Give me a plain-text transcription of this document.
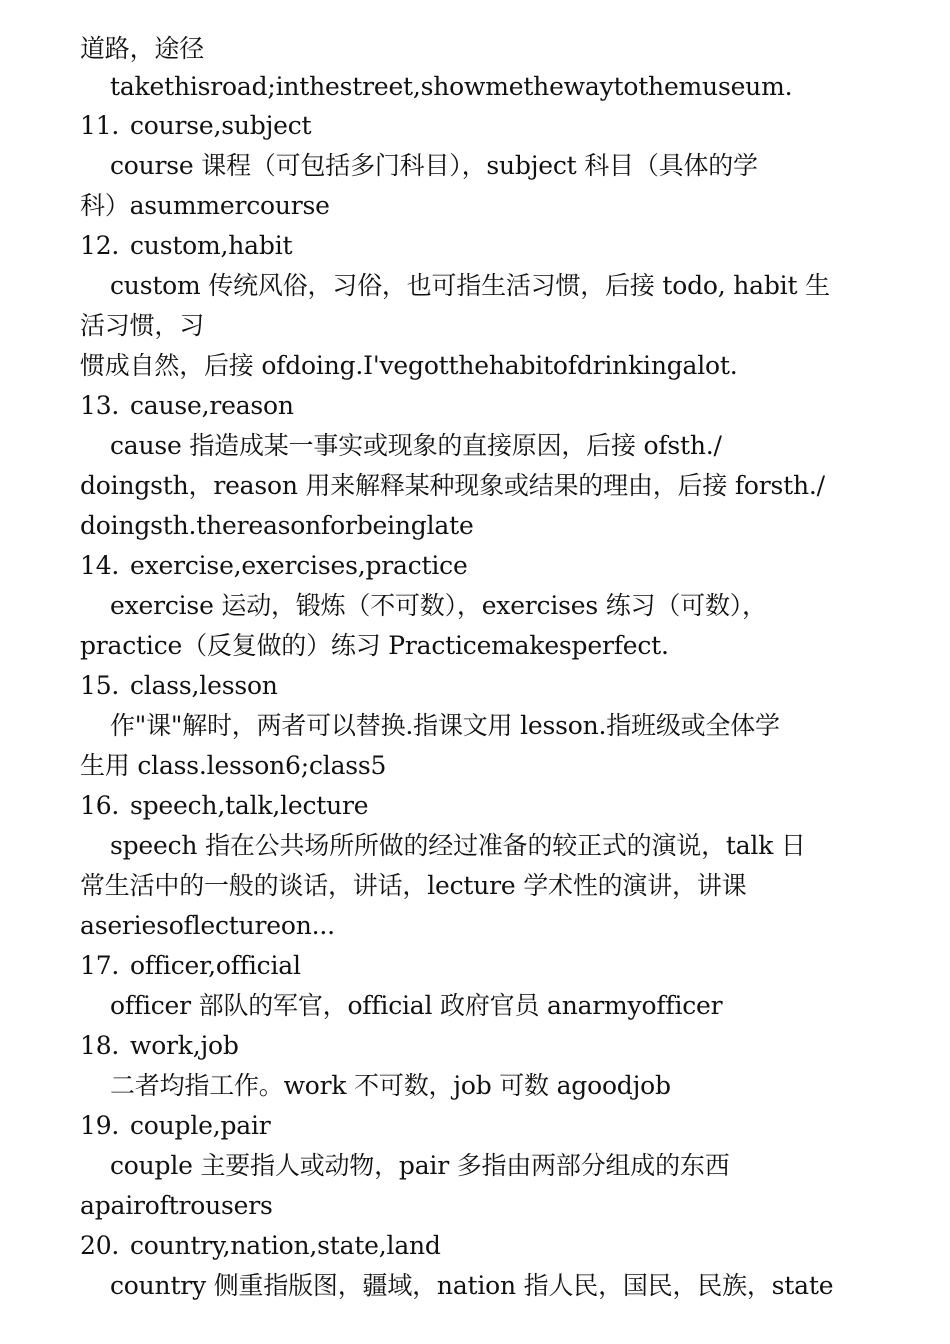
道路，途径
takethisroad;inthestreet,showmethewaytothemuseum.
11. course,subject
course 课程（可包括多门科目），subject 科目（具体的学
科）asummercourse
12. custom,habit
custom 传统风俗，习俗，也可指生活习惯，后接 todo, habit 生
活习惯，习
惯成自然，后接 ofdoing.I'vegotthehabitofdrinkingalot.
13. cause,reason
cause 指造成某一事实或现象的直接原因，后接 ofsth./
doingsth，reason 用来解释某种现象或结果的理由，后接 forsth./
doingsth.thereasonforbeinglate
14. exercise,exercises,practice
exercise 运动，锻炼（不可数），exercises 练习（可数），
practice（反复做的）练习 Practicemakesperfect.
15. class,lesson
作"课"解时，两者可以替换.指课文用 lesson.指班级或全体学
生用 class.lesson6;class5
16. speech,talk,lecture
speech 指在公共场所所做的经过准备的较正式的演说，talk 日
常生活中的一般的谈话，讲话，lecture 学术性的演讲，讲课
aseriesoflectureon...
17. officer,official
officer 部队的军官，official 政府官员 anarmyofficer
18. work,job
二者均指工作。work 不可数，job 可数 agoodjob
19. couple,pair
couple 主要指人或动物，pair 多指由两部分组成的东西
apairoftrousers
20. country,nation,state,land
country 侧重指版图，疆域，nation 指人民，国民，民族，state
